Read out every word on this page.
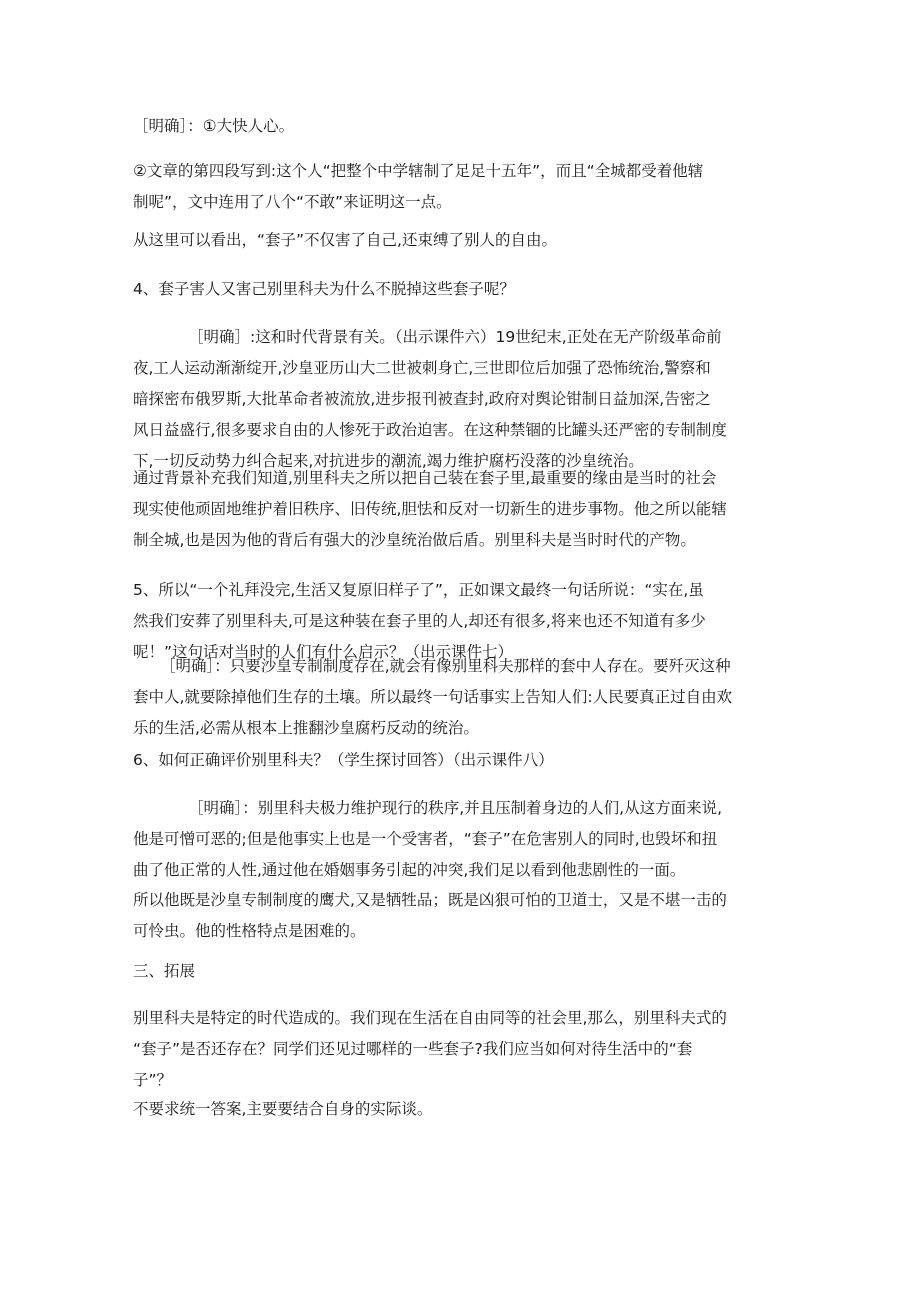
［明确］：①大快人心。
②文章的第四段写到:这个人“把整个中学辖制了足足十五年”，而且“全城都受着他辖
制呢”，文中连用了八个“不敢”来证明这一点。
从这里可以看出，“套子”不仅害了自己,还束缚了别人的自由。
4、套子害人又害己别里科夫为什么不脱掉这些套子呢？
［明确］:这和时代背景有关。（出示课件六）19世纪末,正处在无产阶级革命前
夜,工人运动渐渐绽开,沙皇亚历山大二世被刺身亡,三世即位后加强了恐怖统治,警察和
暗探密布俄罗斯,大批革命者被流放,进步报刊被查封,政府对舆论钳制日益加深,告密之
风日益盛行,很多要求自由的人惨死于政治迫害。在这种禁锢的比罐头还严密的专制制度
下,一切反动势力纠合起来,对抗进步的潮流,竭力维护腐朽没落的沙皇统治。
通过背景补充我们知道,别里科夫之所以把自己装在套子里,最重要的缘由是当时的社会
现实使他顽固地维护着旧秩序、旧传统,胆怯和反对一切新生的进步事物。他之所以能辖
制全城,也是因为他的背后有强大的沙皇统治做后盾。别里科夫是当时时代的产物。
5、所以“一个礼拜没完,生活又复原旧样子了”，正如课文最终一句话所说：“实在,虽
然我们安葬了别里科夫,可是这种装在套子里的人,却还有很多,将来也还不知道有多少
呢！”这句话对当时的人们有什么启示？（出示课件七）
［明确］：只要沙皇专制制度存在,就会有像别里科夫那样的套中人存在。要歼灭这种
套中人,就要除掉他们生存的土壤。所以最终一句话事实上告知人们:人民要真正过自由欢
乐的生活,必需从根本上推翻沙皇腐朽反动的统治。
6、如何正确评价别里科夫？（学生探讨回答）（出示课件八）
［明确］：别里科夫极力维护现行的秩序,并且压制着身边的人们,从这方面来说,
他是可憎可恶的;但是他事实上也是一个受害者，“套子”在危害别人的同时,也毁坏和扭
曲了他正常的人性,通过他在婚姻事务引起的冲突,我们足以看到他悲剧性的一面。
所以他既是沙皇专制制度的鹰犬,又是牺牲品；既是凶狠可怕的卫道士，又是不堪一击的
可怜虫。他的性格特点是困难的。
三、拓展
别里科夫是特定的时代造成的。我们现在生活在自由同等的社会里,那么，别里科夫式的
“套子”是否还存在？同学们还见过哪样的一些套子?我们应当如何对待生活中的“套
子”？
不要求统一答案,主要要结合自身的实际谈。
